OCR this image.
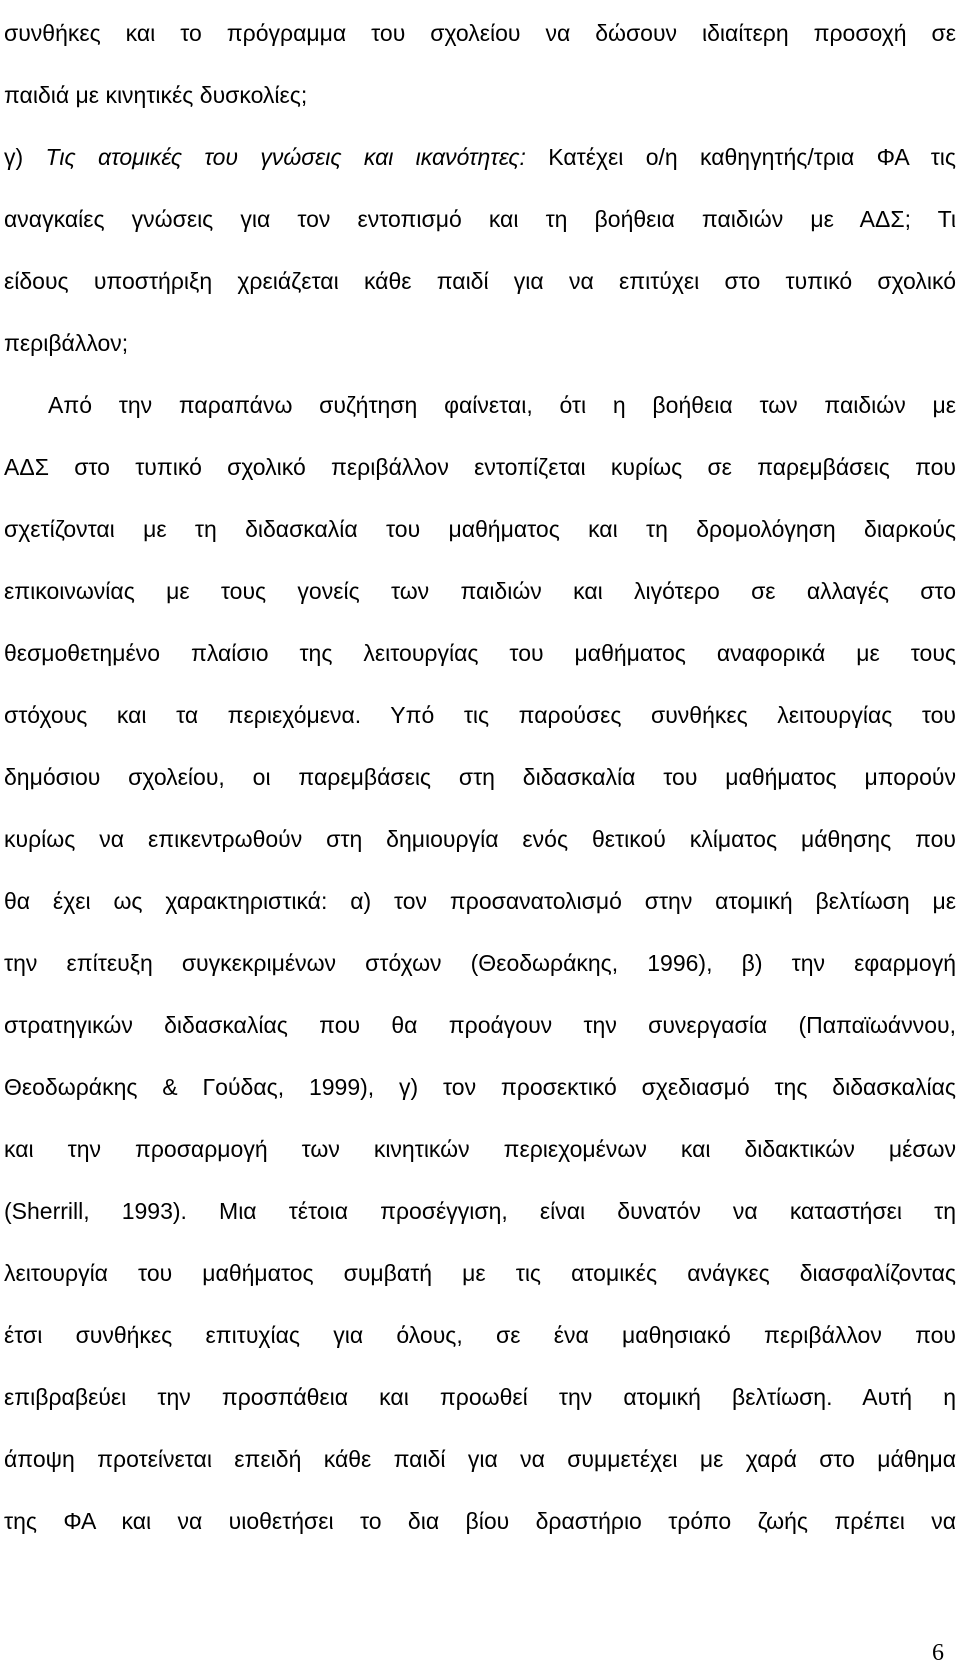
συνθήκες και το πρόγραμμα του σχολείου να δώσουν ιδιαίτερη προσοχή σε
παιδιά με κινητικές δυσκολίες;
γ) Τις ατομικές του γνώσεις και ικανότητες: Κατέχει ο/η καθηγητής/τρια ΦΑ τις
αναγκαίες γνώσεις για τον εντοπισμό και τη βοήθεια παιδιών με ΑΔΣ; Τι
είδους υποστήριξη χρειάζεται κάθε παιδί για να επιτύχει στο τυπικό σχολικό
περιβάλλον;
Από την παραπάνω συζήτηση φαίνεται, ότι η βοήθεια των παιδιών με
ΑΔΣ στο τυπικό σχολικό περιβάλλον εντοπίζεται κυρίως σε παρεμβάσεις που
σχετίζονται με τη διδασκαλία του μαθήματος και τη δρομολόγηση διαρκούς
επικοινωνίας με τους γονείς των παιδιών και λιγότερο σε αλλαγές στο
θεσμοθετημένο πλαίσιο της λειτουργίας του μαθήματος αναφορικά με τους
στόχους και τα περιεχόμενα. Υπό τις παρούσες συνθήκες λειτουργίας του
δημόσιου σχολείου, οι παρεμβάσεις στη διδασκαλία του μαθήματος μπορούν
κυρίως να επικεντρωθούν στη δημιουργία ενός θετικού κλίματος μάθησης που
θα έχει ως χαρακτηριστικά: α) τον προσανατολισμό στην ατομική βελτίωση με
την επίτευξη συγκεκριμένων στόχων (Θεοδωράκης, 1996), β) την εφαρμογή
στρατηγικών διδασκαλίας που θα προάγουν την συνεργασία (Παπαϊωάννου,
Θεοδωράκης & Γούδας, 1999), γ) τον προσεκτικό σχεδιασμό της διδασκαλίας
και την προσαρμογή των κινητικών περιεχομένων και διδακτικών μέσων
(Sherrill, 1993). Μια τέτοια προσέγγιση, είναι δυνατόν να καταστήσει τη
λειτουργία του μαθήματος συμβατή με τις ατομικές ανάγκες διασφαλίζοντας
έτσι συνθήκες επιτυχίας για όλους, σε ένα μαθησιακό περιβάλλον που
επιβραβεύει την προσπάθεια και προωθεί την ατομική βελτίωση. Αυτή η
άποψη προτείνεται επειδή κάθε παιδί για να συμμετέχει με χαρά στο μάθημα
της ΦΑ και να υιοθετήσει το δια βίου δραστήριο τρόπο ζωής πρέπει να
6
